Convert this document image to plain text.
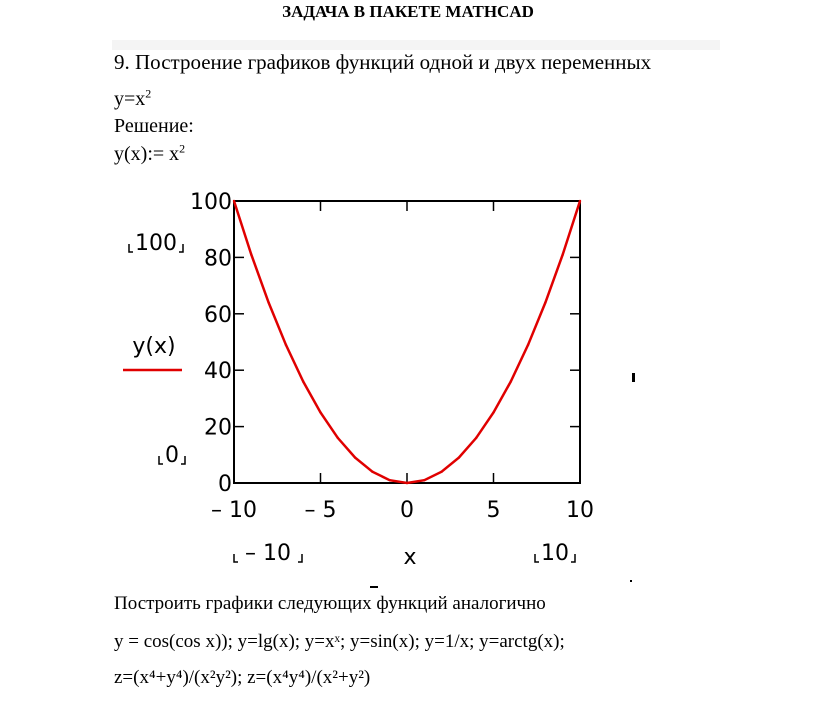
ЗАДАЧА В ПАКЕТЕ MATHCAD
9. Построение графиков функций одной и двух переменных
$y=x^2$
Решение:
y(x):= $x^2$
0
20
40
60
80
100
– 10 – 5	0	5	10
100
0
– 10	10
x
y(x)
Построить графики следующих функций аналогично
y = cos(cos x)); y=lg(x); y=xˣ; y=sin(x); y=1/x; y=arctg(x);
z=(x⁴+y⁴)/(x²y²); z=(x⁴y⁴)/(x²+y²)
